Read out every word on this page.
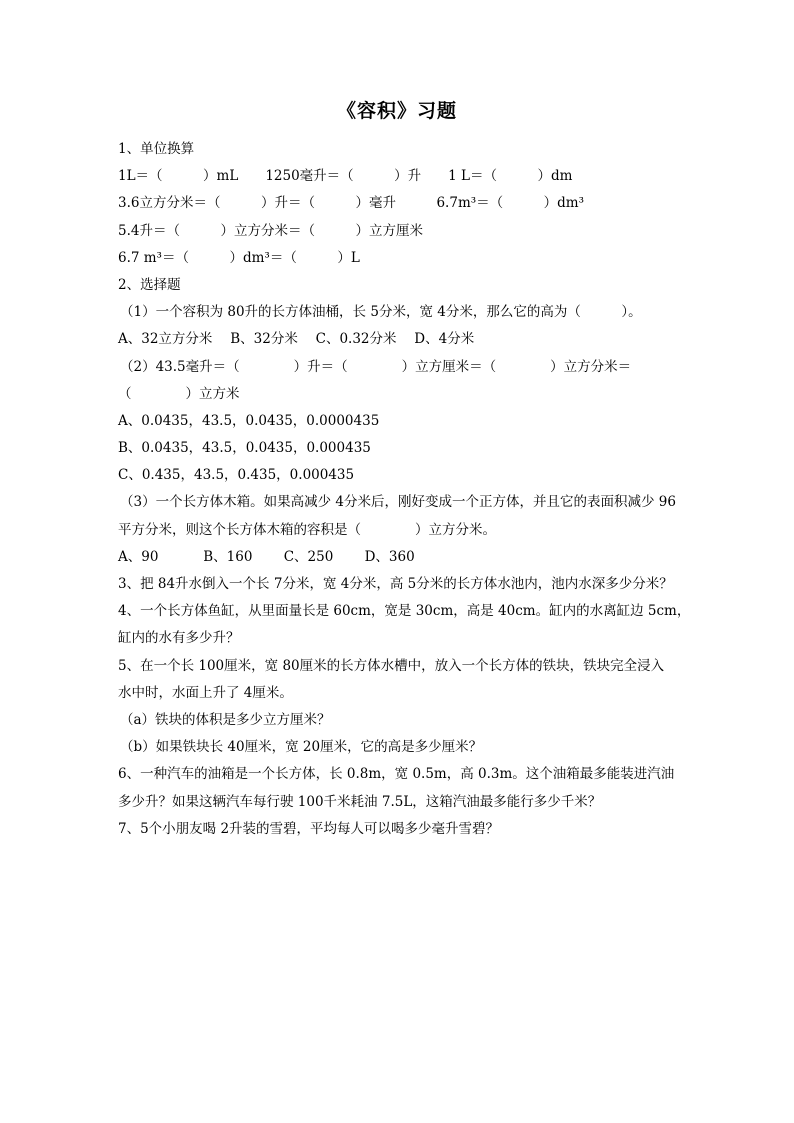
《容积》习题
1、单位换算
1L＝（　　　）mL　　1250毫升＝（　　　）升　　1 L＝（　　　）dm
3.6立方分米＝（　　　）升＝（　　　）毫升　　　6.7m³＝（　　　）dm³
5.4升＝（　　　）立方分米＝（　　　）立方厘米
6.7 m³＝（　　　）dm³＝（　　　）L
2、选择题
（1）一个容积为 80升的长方体油桶，长 5分米，宽 4分米，那么它的高为（　　　）。
A、32立方分米　 B、32分米　 C、0.32分米　 D、4分米
（2）43.5毫升＝（　　　　）升＝（　　　　）立方厘米＝（　　　　）立方分米＝
（　　　　）立方米
A、0.0435，43.5，0.0435，0.0000435
B、0.0435，43.5，0.0435，0.000435
C、0.435，43.5，0.435，0.000435
（3）一个长方体木箱。如果高减少 4分米后，刚好变成一个正方体，并且它的表面积减少 96
平方分米，则这个长方体木箱的容积是（　　　　）立方分米。
A、90　　　 B、160　　 C、250　　 D、360
3、把 84升水倒入一个长 7分米，宽 4分米，高 5分米的长方体水池内，池内水深多少分米？
4、一个长方体鱼缸，从里面量长是 60cm，宽是 30cm，高是 40cm。缸内的水离缸边 5cm，
缸内的水有多少升？
5、在一个长 100厘米，宽 80厘米的长方体水槽中，放入一个长方体的铁块，铁块完全浸入
水中时，水面上升了 4厘米。
（a）铁块的体积是多少立方厘米？
（b）如果铁块长 40厘米，宽 20厘米，它的高是多少厘米？
6、一种汽车的油箱是一个长方体，长 0.8m，宽 0.5m，高 0.3m。这个油箱最多能装进汽油
多少升？如果这辆汽车每行驶 100千米耗油 7.5L，这箱汽油最多能行多少千米？
7、5个小朋友喝 2升装的雪碧，平均每人可以喝多少毫升雪碧？
